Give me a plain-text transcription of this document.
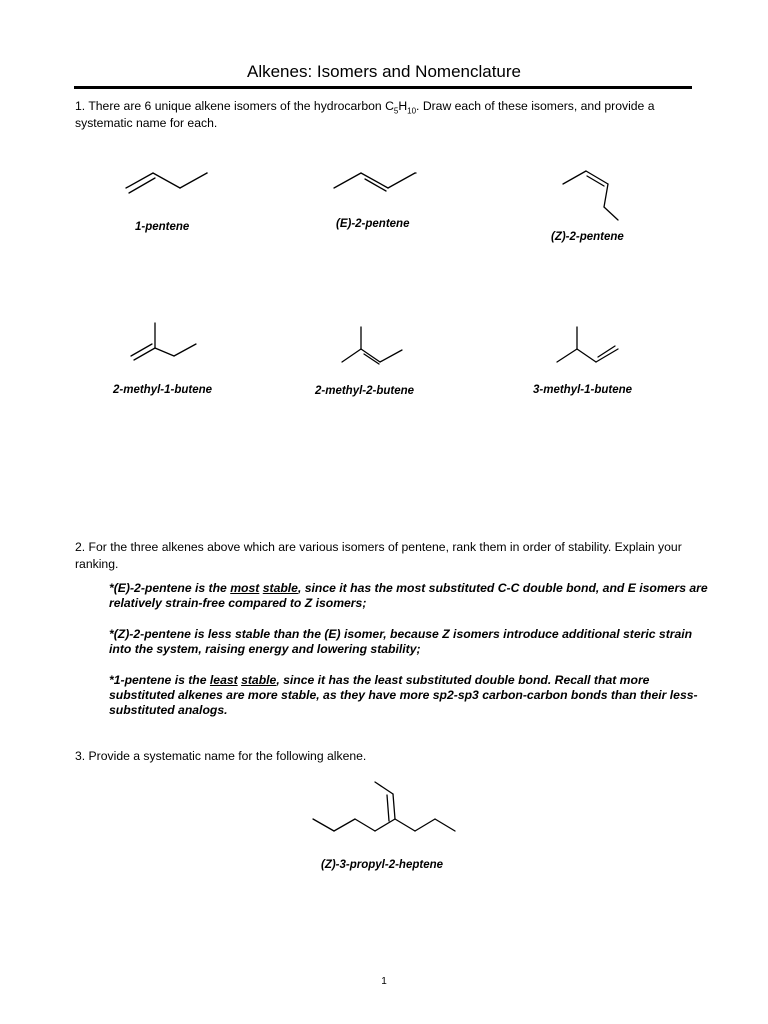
Alkenes: Isomers and Nomenclature
1. There are 6 unique alkene isomers of the hydrocarbon $C_5H_{10}$. Draw each of these isomers, and provide a systematic name for each.
1-pentene	(E)-2-pentene
(Z)-2-pentene
2-methyl-1-butene	2-methyl-2-butene	3-methyl-1-butene
2. For the three alkenes above which are various isomers of pentene, rank them in order of stability. Explain your ranking.
*(E)-2-pentene is the most stable, since it has the most substituted C-C double bond, and E isomers are relatively strain-free compared to Z isomers;
*(Z)-2-pentene is less stable than the (E) isomer, because Z isomers introduce additional steric strain into the system, raising energy and lowering stability;
*1-pentene is the least stable, since it has the least substituted double bond. Recall that more substituted alkenes are more stable, as they have more sp2-sp3 carbon-carbon bonds than their less-substituted analogs.
3. Provide a systematic name for the following alkene.
(Z)-3-propyl-2-heptene
1
